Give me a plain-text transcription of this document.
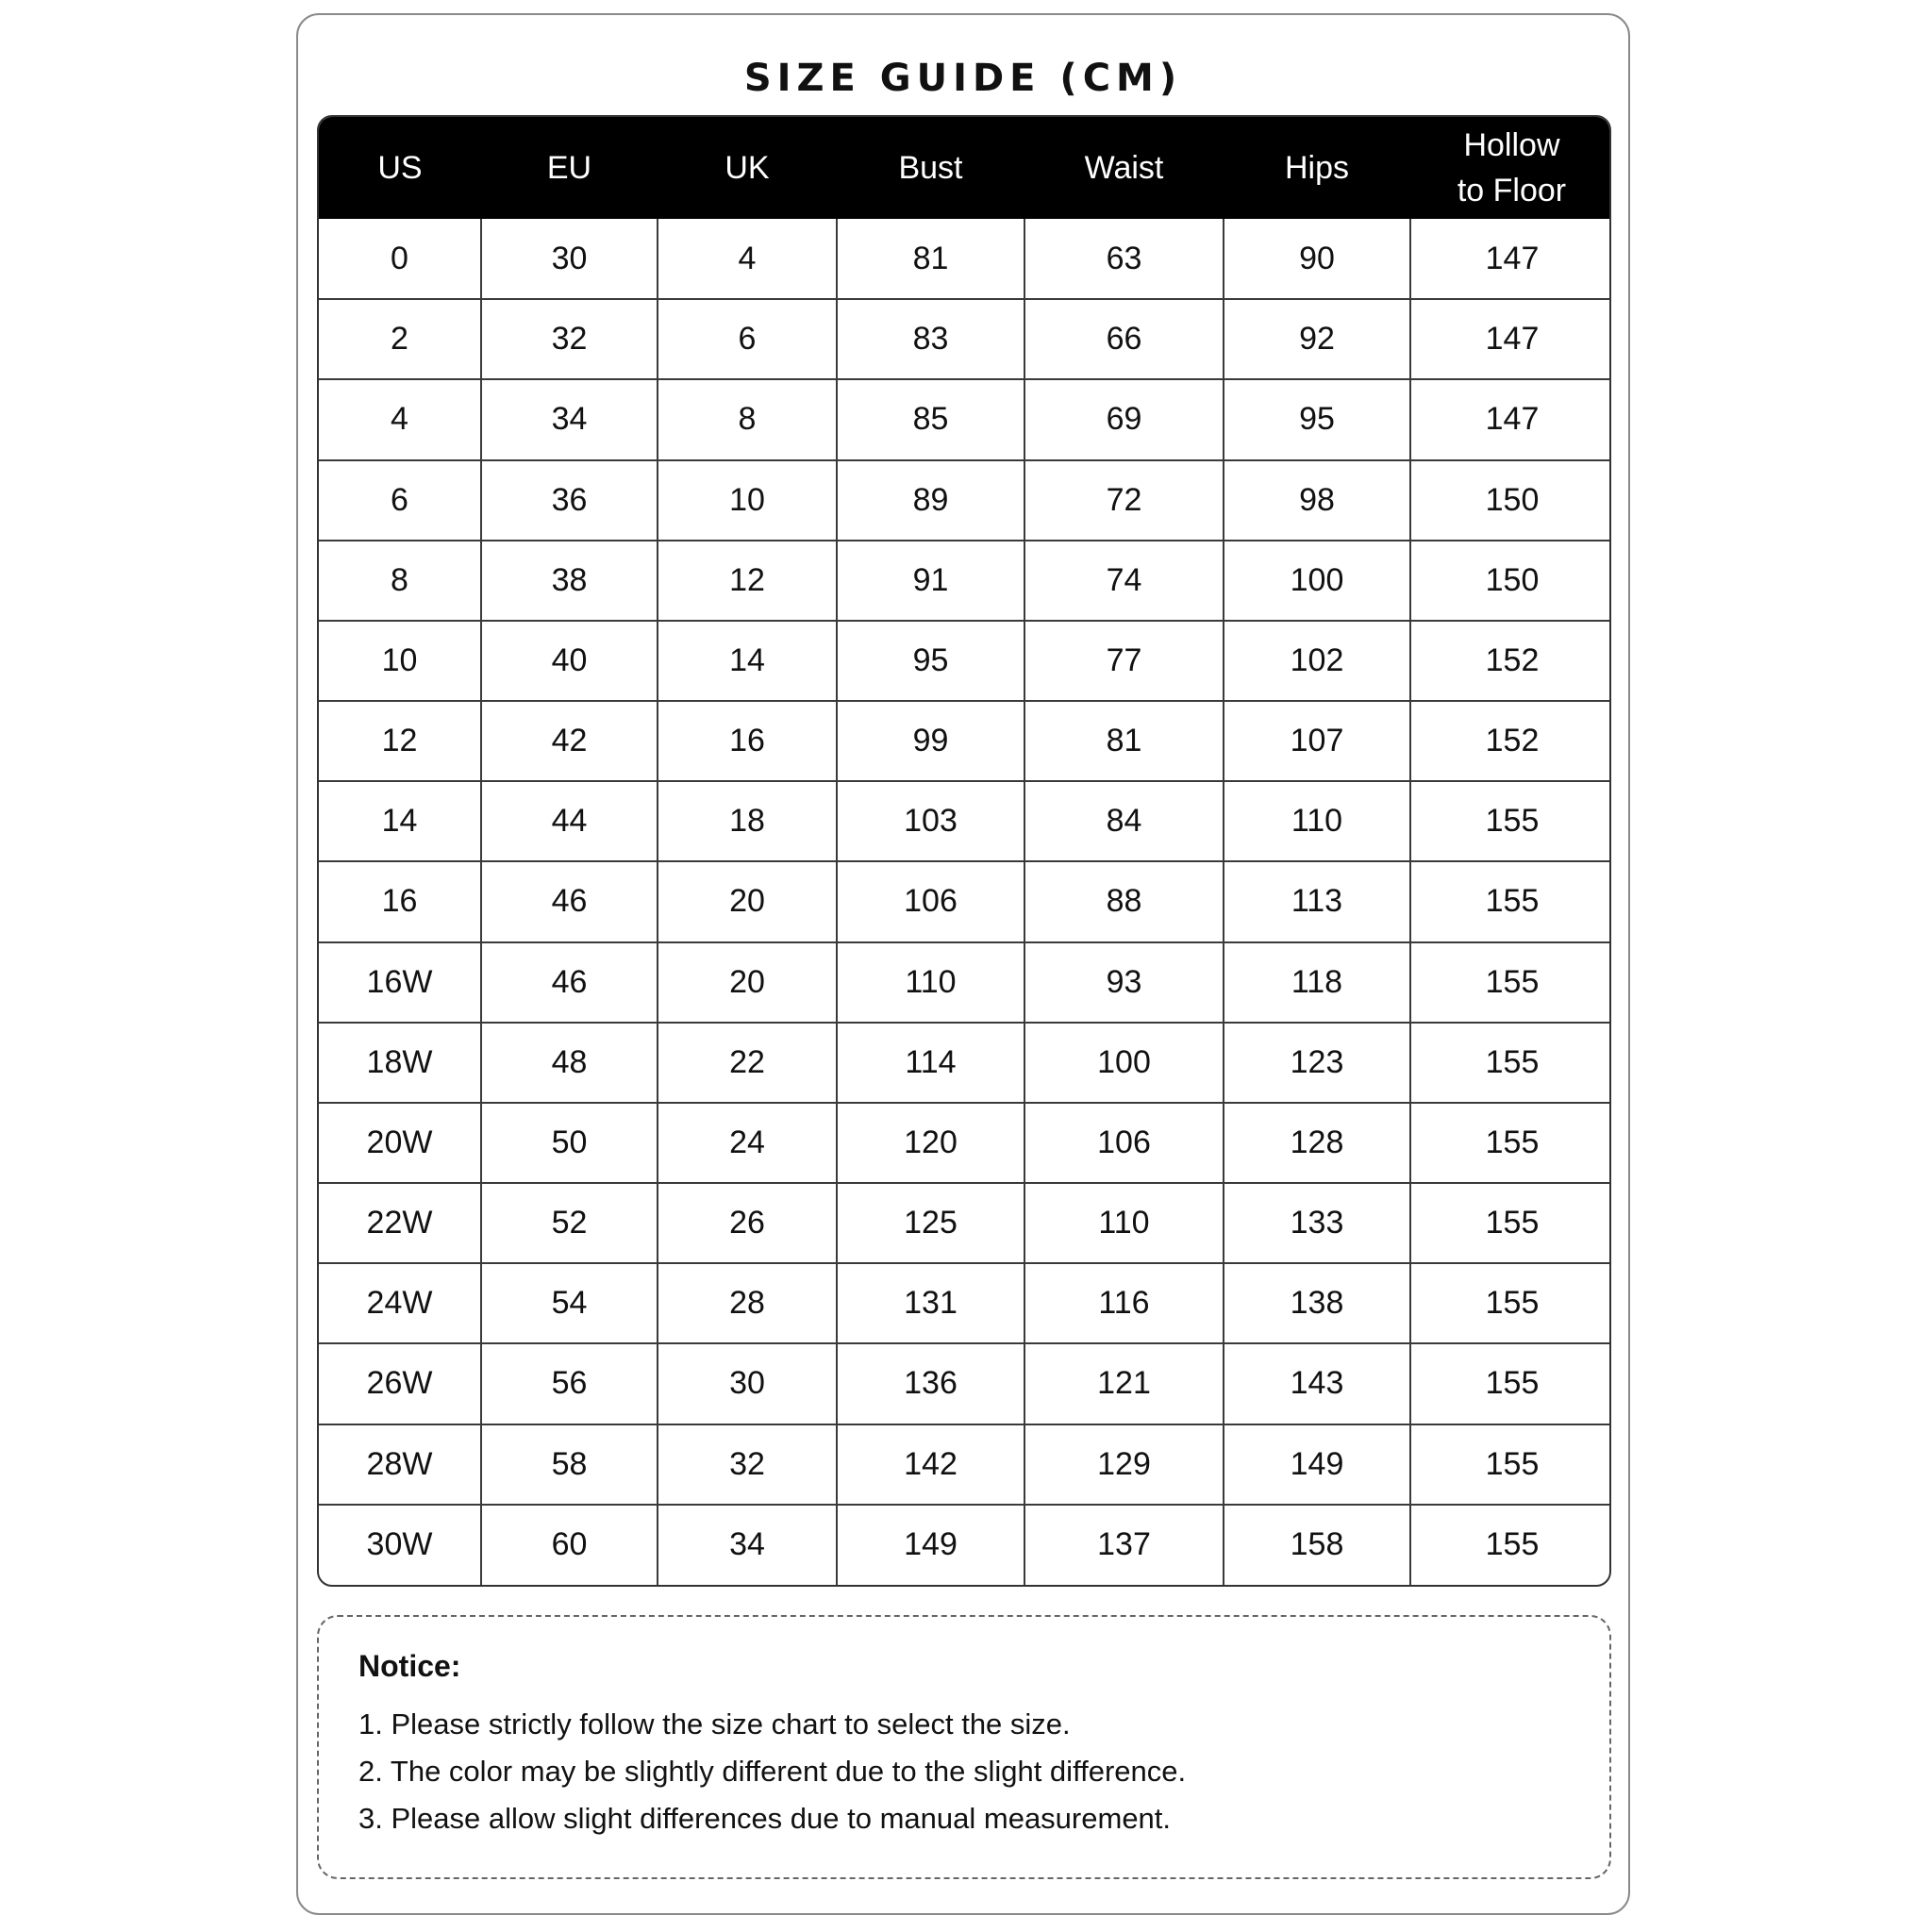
SIZE GUIDE (CM)
US	EU	UK	Bust	Waist	Hips	Hollow
to Floor
0	30	4	81	63	90	147
2	32	6	83	66	92	147
4	34	8	85	69	95	147
6	36	10	89	72	98	150
8	38	12	91	74	100	150
10	40	14	95	77	102	152
12	42	16	99	81	107	152
14	44	18	103	84	110	155
16	46	20	106	88	113	155
16W	46	20	110	93	118	155
18W	48	22	114	100	123	155
20W	50	24	120	106	128	155
22W	52	26	125	110	133	155
24W	54	28	131	116	138	155
26W	56	30	136	121	143	155
28W	58	32	142	129	149	155
30W	60	34	149	137	158	155

Notice:

1. Please strictly follow the size chart to select the size.

2. The color may be slightly different due to the slight difference.

3. Please allow slight differences due to manual measurement.
